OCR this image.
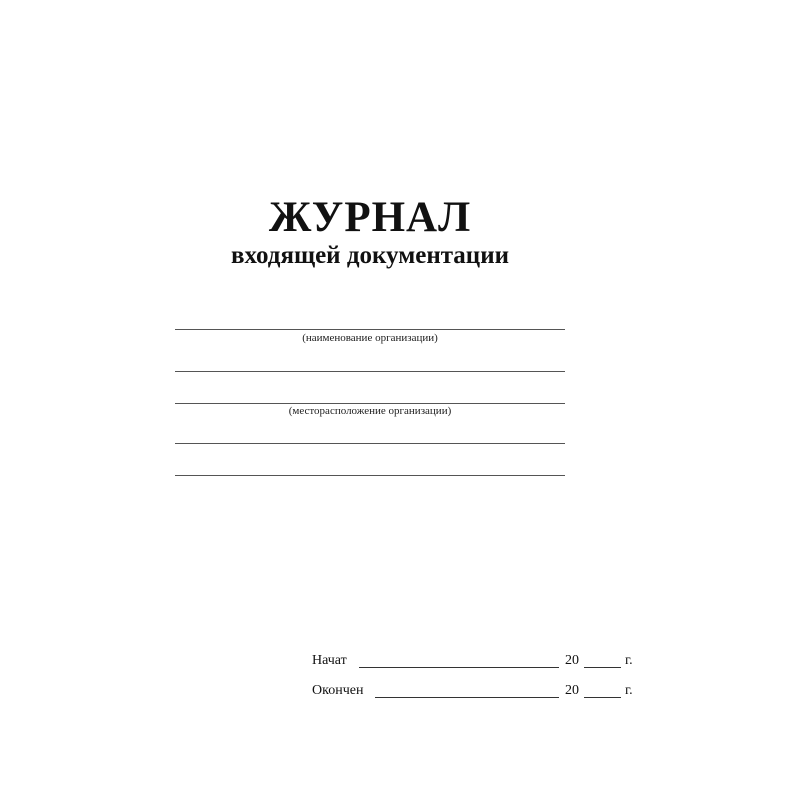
ЖУРНАЛ
входящей документации
(наименование организации)
(месторасположение организации)
Начат	20	г.
Окончен	20	г.
